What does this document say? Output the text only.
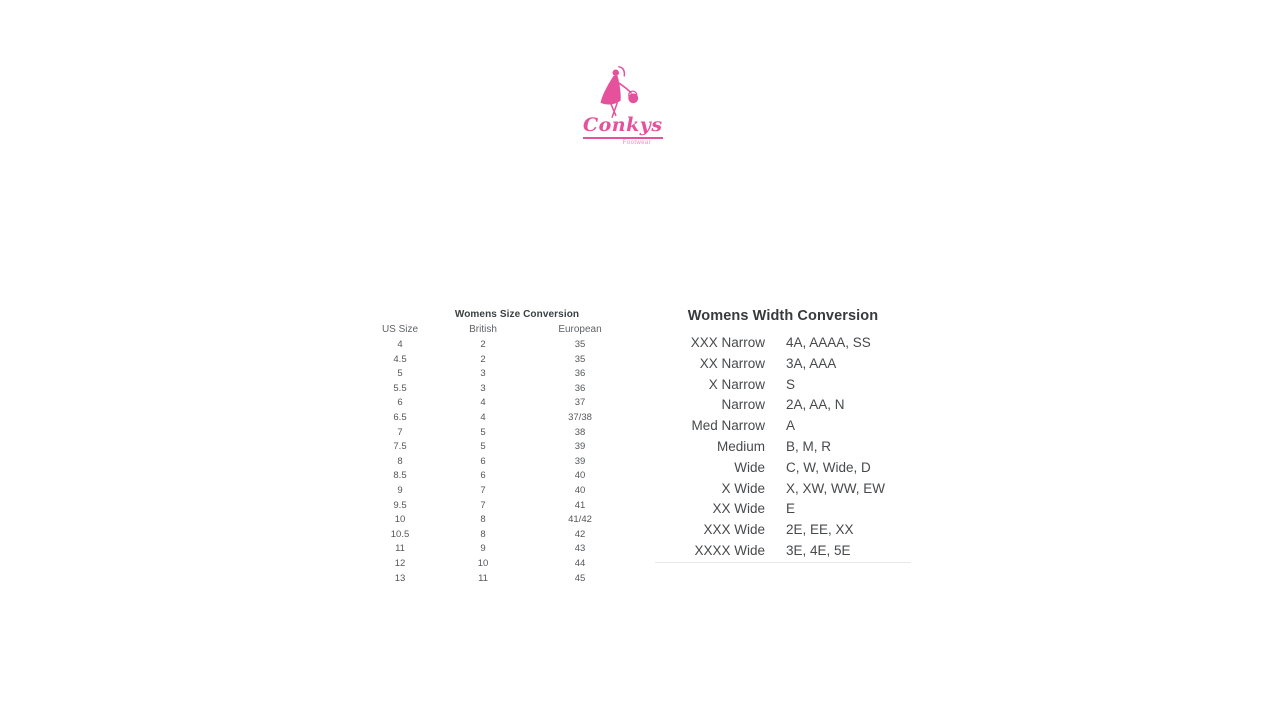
Conkys
Footwear
Womens Size Conversion
US Size	British	European
4	2	35
4.5	2	35
5	3	36
5.5	3	36
6	4	37
6.5	4	37/38
7	5	38
7.5	5	39
8	6	39
8.5	6	40
9	7	40
9.5	7	41
10	8	41/42
10.5	8	42
11	9	43
12	10	44
13	11	45
Womens Width Conversion
XXX Narrow	4A, AAAA, SS
XX Narrow	3A, AAA
X Narrow	S
Narrow	2A, AA, N
Med Narrow	A
Medium	B, M, R
Wide	C, W, Wide, D
X Wide	X, XW, WW, EW
XX Wide	E
XXX Wide	2E, EE, XX
XXXX Wide	3E, 4E, 5E
